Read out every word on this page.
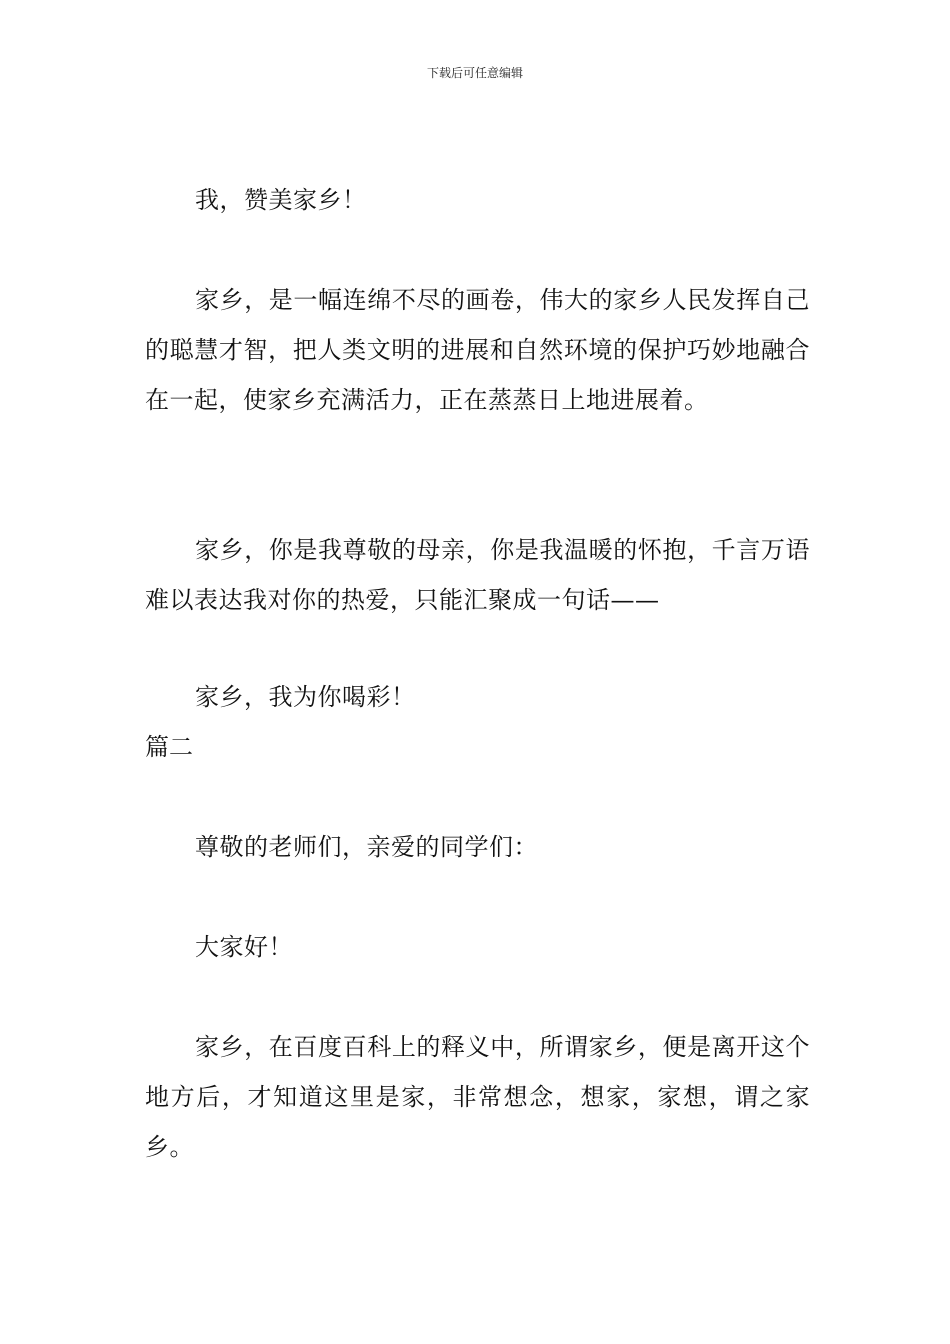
下载后可任意编辑

我，赞美家乡！

家乡，是一幅连绵不尽的画卷，伟大的家乡人民发挥自己的聪慧才智，把人类文明的进展和自然环境的保护巧妙地融合在一起，使家乡充满活力，正在蒸蒸日上地进展着。

家乡，你是我尊敬的母亲，你是我温暖的怀抱，千言万语难以表达我对你的热爱，只能汇聚成一句话——

家乡，我为你喝彩！

篇二

尊敬的老师们，亲爱的同学们：

大家好！

家乡，在百度百科上的释义中，所谓家乡，便是离开这个地方后，才知道这里是家，非常想念，想家，家想，谓之家乡。
